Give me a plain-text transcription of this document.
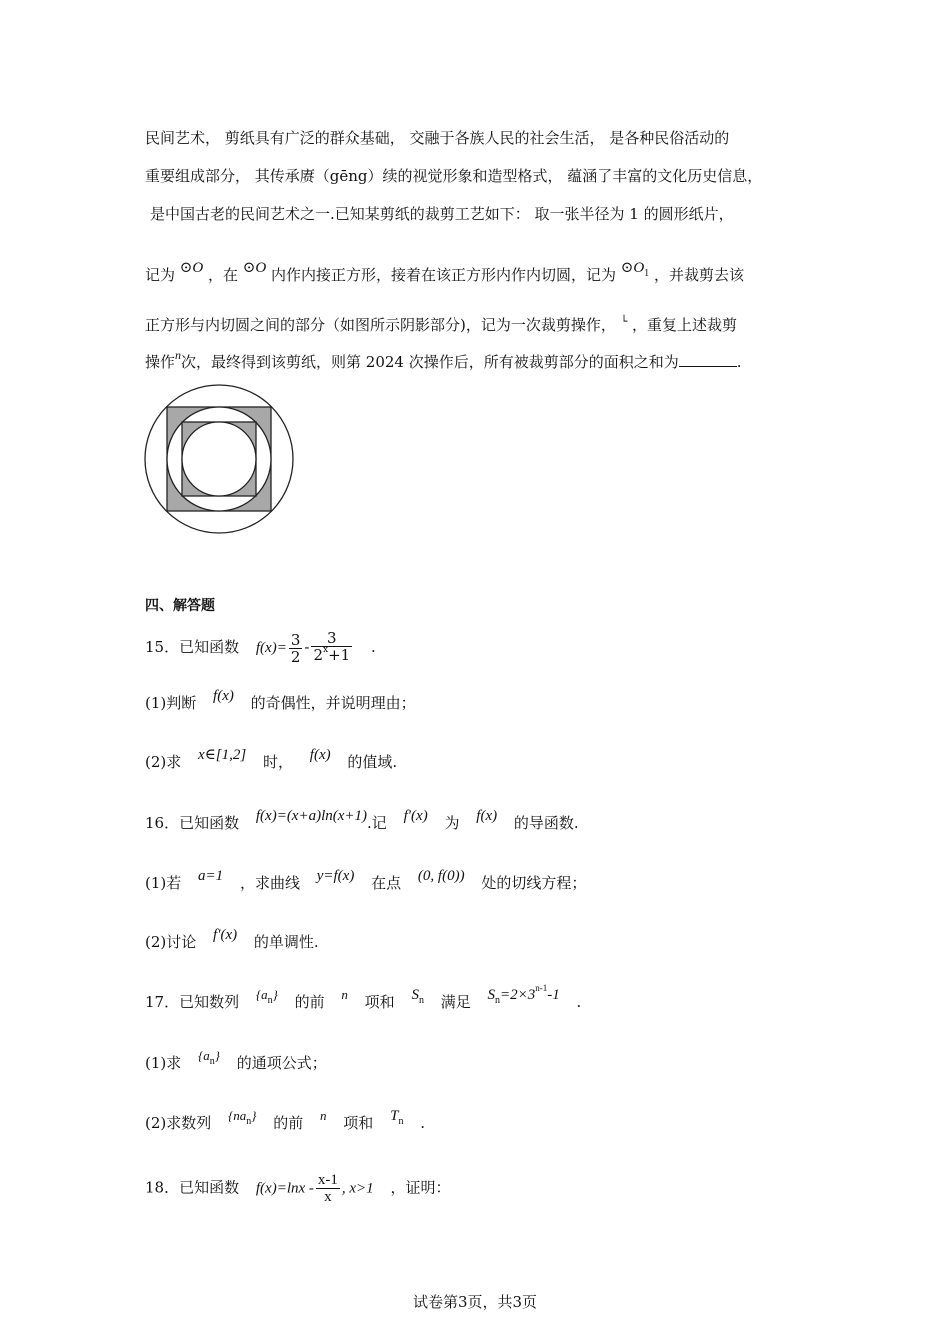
民间艺术， 剪纸具有广泛的群众基础， 交融于各族人民的社会生活， 是各种民俗活动的
重要组成部分， 其传承赓（gēng）续的视觉形象和造型格式， 蕴涵了丰富的文化历史信息，
是中国古老的民间艺术之一.已知某剪纸的裁剪工艺如下： 取一张半径为 1 的圆形纸片，
记为 ⊙O ，在 ⊙O 内作内接正方形，接着在该正方形内作内切圆，记为 $⊙O_1$ ，并裁剪去该
正方形与内切圆之间的部分（如图所示阴影部分)，记为一次裁剪操作， └ ，重复上述裁剪
操作$^n$次，最终得到该剪纸，则第 2024 次操作后，所有被裁剪部分的面积之和为	.
四、解答题
15．已知函数 $f(x)= \frac{3}{2} - \frac{3}{2^x+1}$ .
(1)判断 f(x) 的奇偶性，并说明理由；
(2)求 x∈[1,2] 时， f(x) 的值域.
16．已知函数 f(x)=(x+a)ln(x+1).记 f′(x) 为 f(x) 的导函数.
(1)若 a=1 ，求曲线 y=f(x) 在点 (0, f(0)) 处的切线方程；
(2)讨论 f′(x) 的单调性.
17．已知数列 $\{a_n\}$ 的前 n 项和 $S_n$ 满足 $S_n=2\times 3^{n-1}-1$ .
(1)求 $\{a_n\}$ 的通项公式；
(2)求数列 $\{na_n\}$ 的前 n 项和 $T_n$ .
18．已知函数 $f(x)=\ln x - \frac{x-1}{x}$ , x>1 ，证明：
试卷第3页，共3页
